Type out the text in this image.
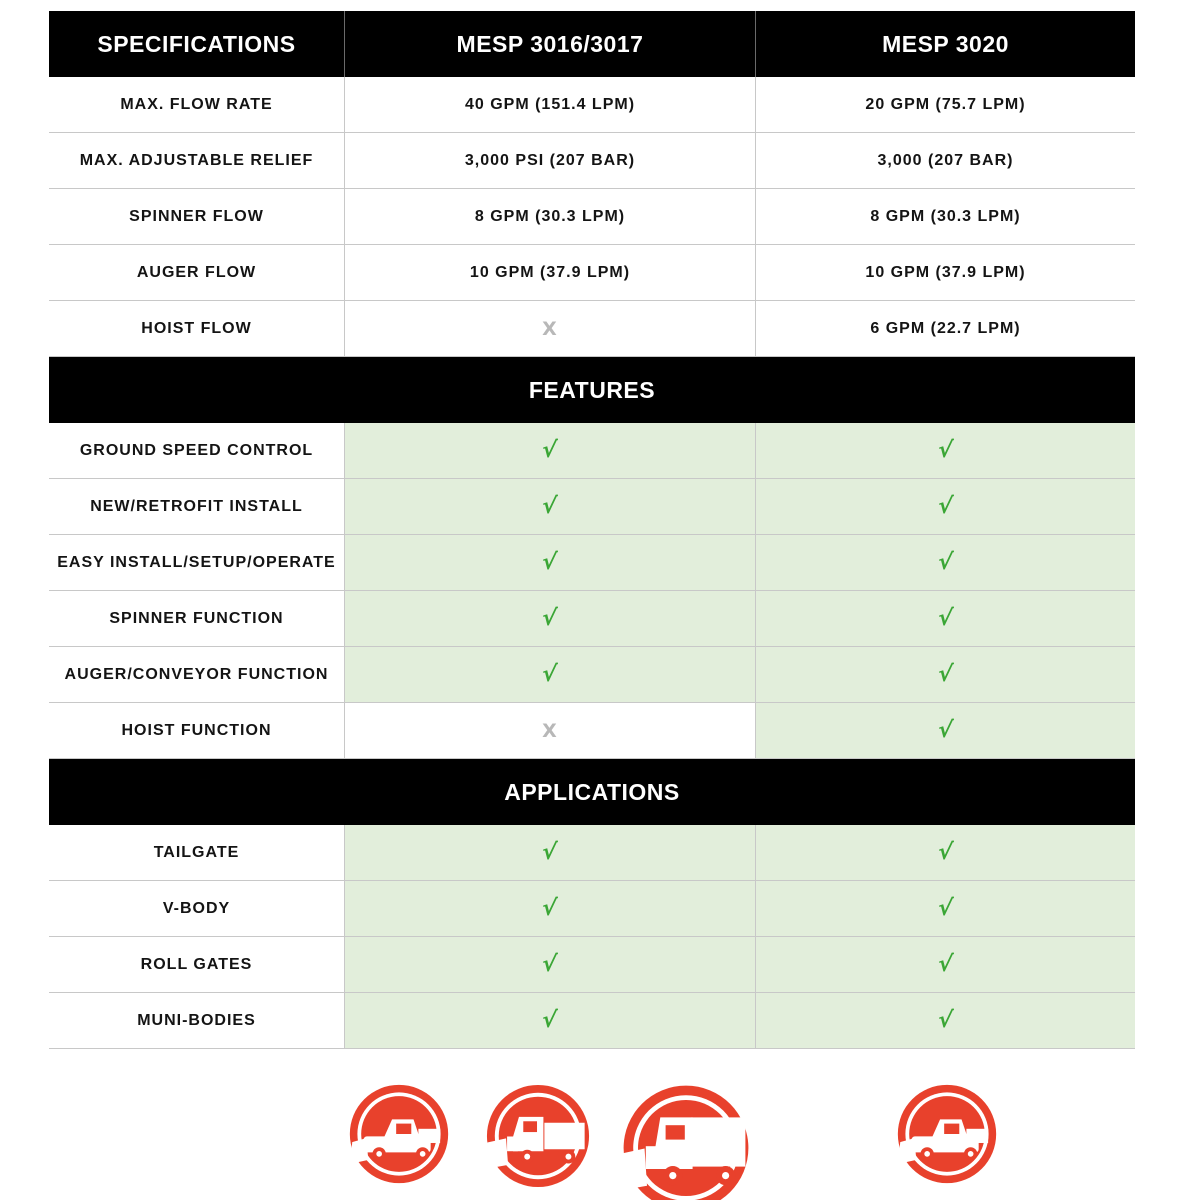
SPECIFICATIONS	MESP 3016/3017	MESP 3020
MAX. FLOW RATE	40 GPM (151.4 LPM)	20 GPM (75.7 LPM)
MAX. ADJUSTABLE RELIEF	3,000 PSI (207 BAR)	3,000 (207 BAR)
SPINNER FLOW	8 GPM (30.3 LPM)	8 GPM (30.3 LPM)
AUGER FLOW	10 GPM (37.9 LPM)	10 GPM (37.9 LPM)
HOIST FLOW	X	6 GPM (22.7 LPM)
FEATURES
GROUND SPEED CONTROL	√	√
NEW/RETROFIT INSTALL	√	√
EASY INSTALL/SETUP/OPERATE	√	√
SPINNER FUNCTION	√	√
AUGER/CONVEYOR FUNCTION	√	√
HOIST FUNCTION	X	√
APPLICATIONS
TAILGATE	√	√
V-BODY	√	√
ROLL GATES	√	√
MUNI-BODIES	√	√
